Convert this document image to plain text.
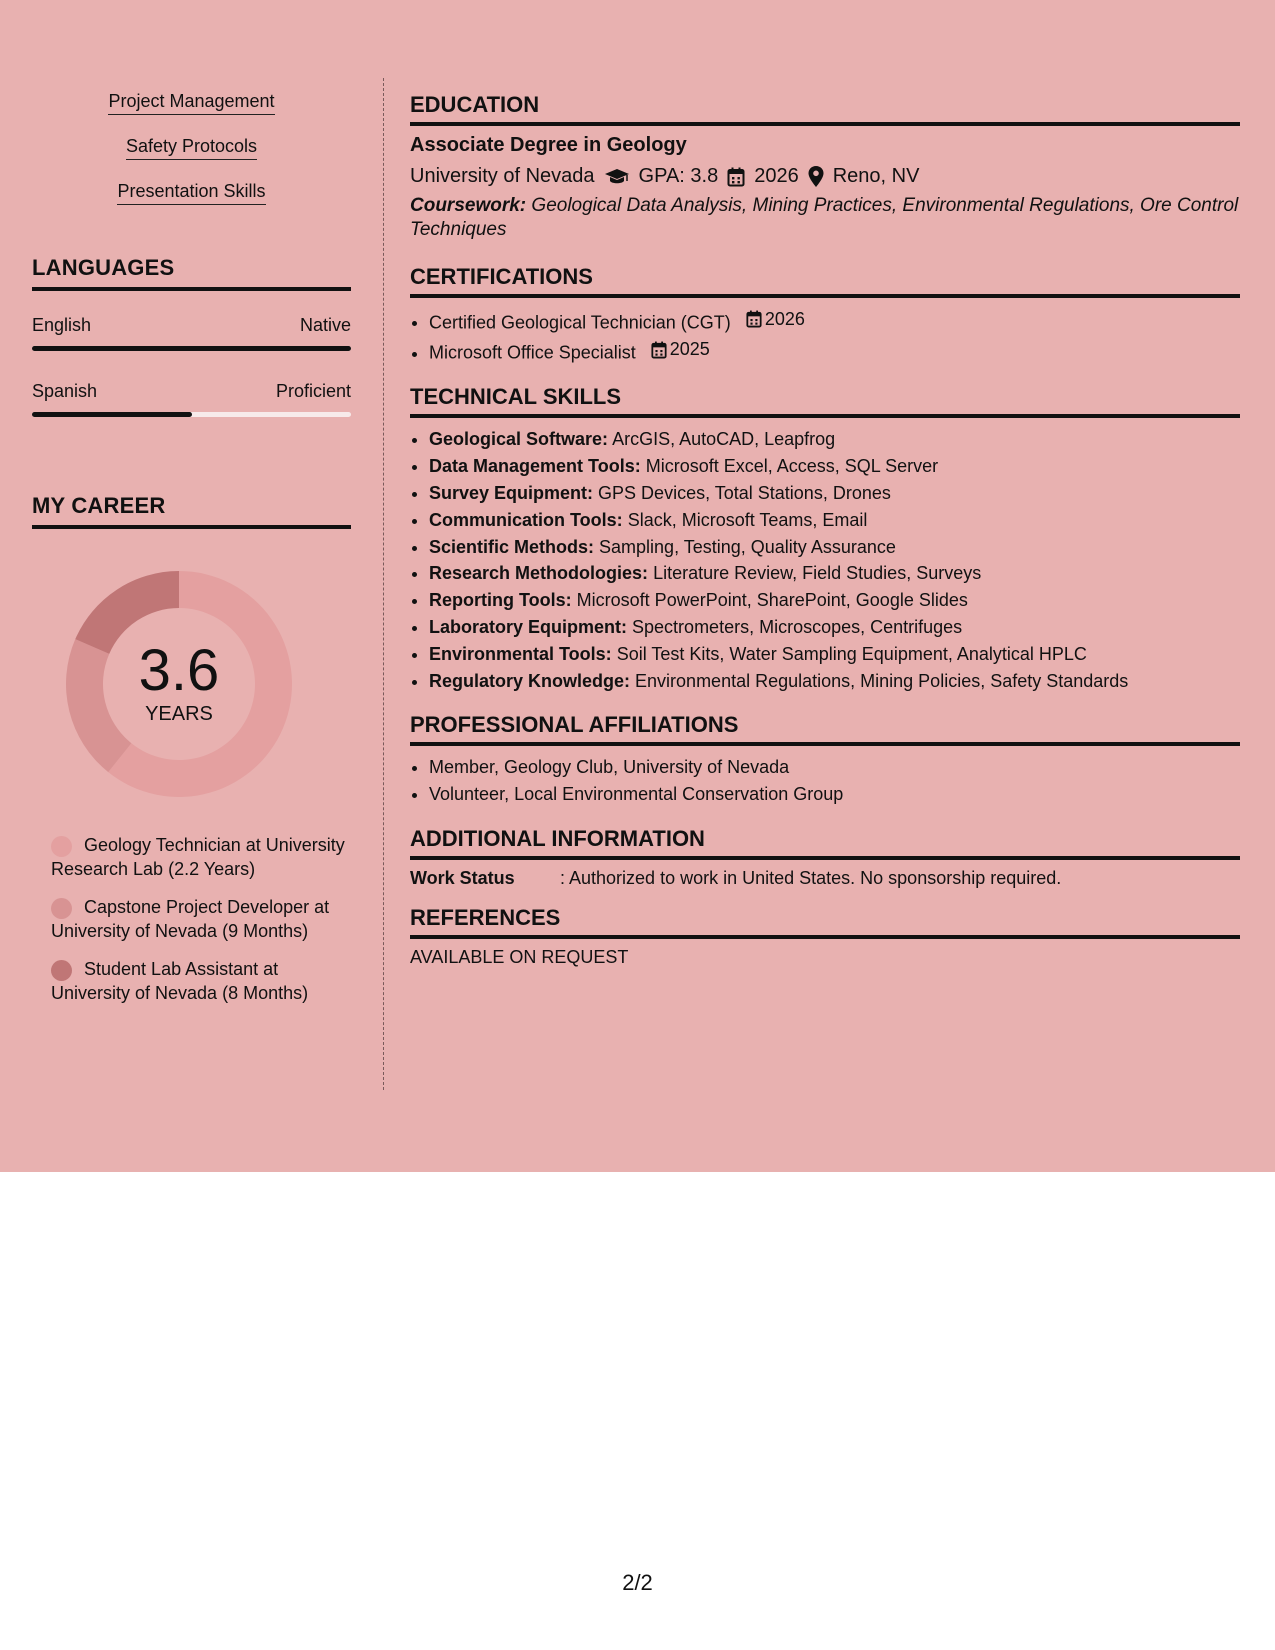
Project Management
Safety Protocols
Presentation Skills
LANGUAGES
English	Native
Spanish	Proficient
MY CAREER
3.6
YEARS
Geology Technician at University Research Lab (2.2 Years)
Capstone Project Developer at University of Nevada (9 Months)
Student Lab Assistant at University of Nevada (8 Months)
EDUCATION
Associate Degree in Geology
University of Nevada GPA: 3.8 2026 Reno, NV
Coursework: Geological Data Analysis, Mining Practices, Environmental Regulations, Ore Control Techniques
CERTIFICATIONS
• Certified Geological Technician (CGT) 2026
• Microsoft Office Specialist 2025
TECHNICAL SKILLS
• Geological Software: ArcGIS, AutoCAD, Leapfrog
• Data Management Tools: Microsoft Excel, Access, SQL Server
• Survey Equipment: GPS Devices, Total Stations, Drones
• Communication Tools: Slack, Microsoft Teams, Email
• Scientific Methods: Sampling, Testing, Quality Assurance
• Research Methodologies: Literature Review, Field Studies, Surveys
• Reporting Tools: Microsoft PowerPoint, SharePoint, Google Slides
• Laboratory Equipment: Spectrometers, Microscopes, Centrifuges
• Environmental Tools: Soil Test Kits, Water Sampling Equipment, Analytical HPLC
• Regulatory Knowledge: Environmental Regulations, Mining Policies, Safety Standards
PROFESSIONAL AFFILIATIONS
• Member, Geology Club, University of Nevada
• Volunteer, Local Environmental Conservation Group
ADDITIONAL INFORMATION
Work Status	: Authorized to work in United States. No sponsorship required.
REFERENCES
AVAILABLE ON REQUEST
2/2
